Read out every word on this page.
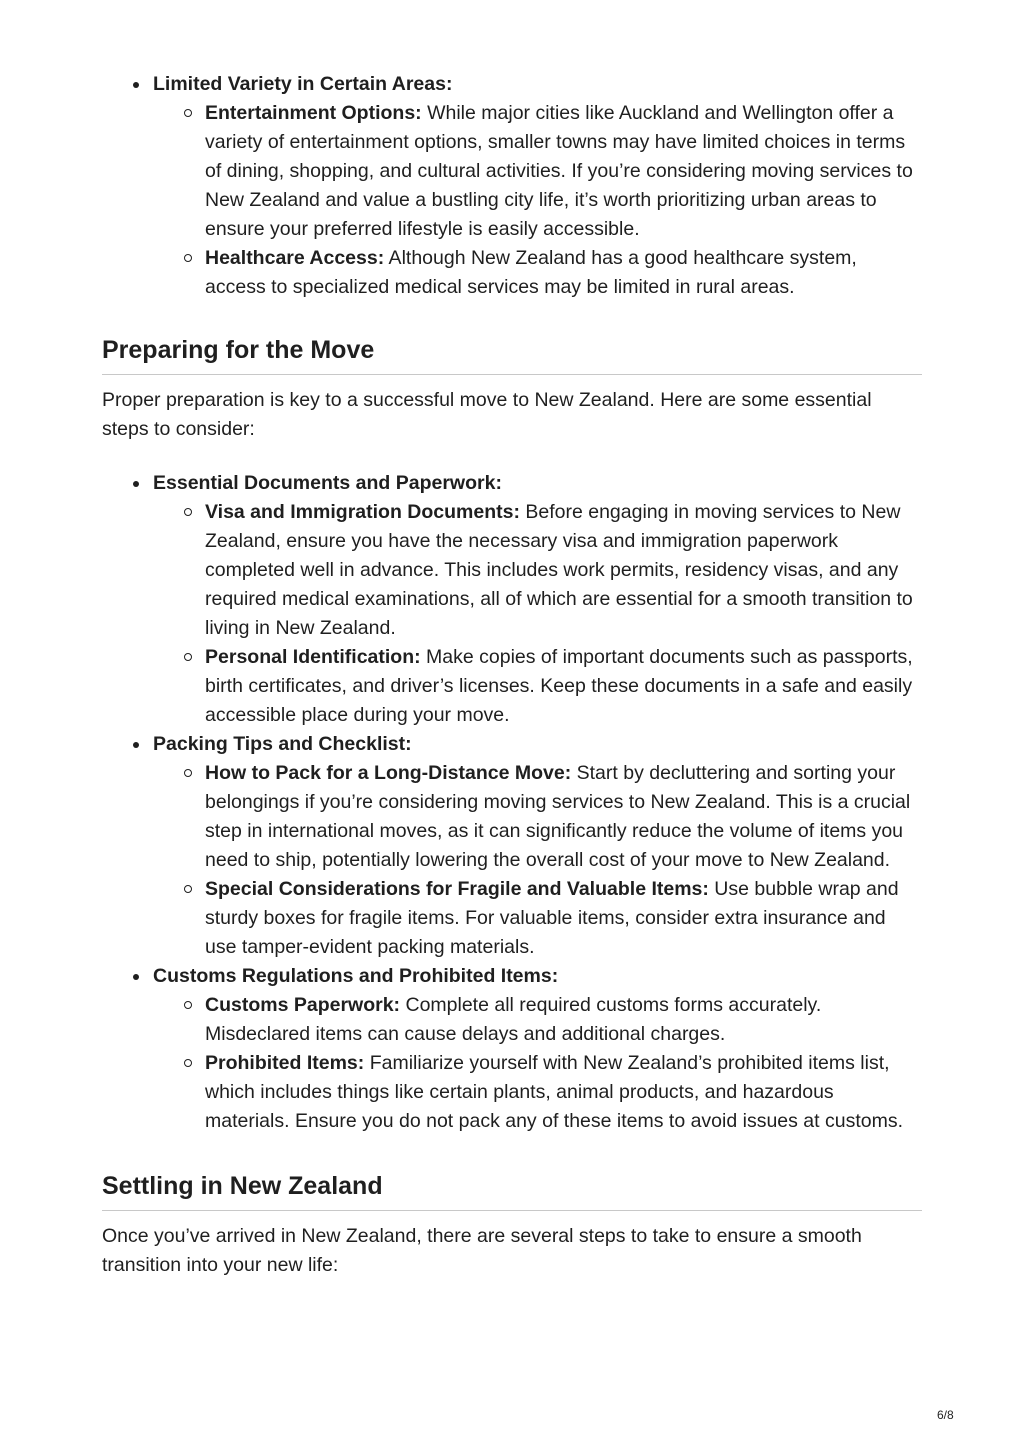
Limited Variety in Certain Areas:
Entertainment Options: While major cities like Auckland and Wellington offer a variety of entertainment options, smaller towns may have limited choices in terms of dining, shopping, and cultural activities. If you’re considering moving services to New Zealand and value a bustling city life, it’s worth prioritizing urban areas to ensure your preferred lifestyle is easily accessible.
Healthcare Access: Although New Zealand has a good healthcare system, access to specialized medical services may be limited in rural areas.
Preparing for the Move

Proper preparation is key to a successful move to New Zealand. Here are some essential steps to consider:

Essential Documents and Paperwork:
Visa and Immigration Documents: Before engaging in moving services to New Zealand, ensure you have the necessary visa and immigration paperwork completed well in advance. This includes work permits, residency visas, and any required medical examinations, all of which are essential for a smooth transition to living in New Zealand.
Personal Identification: Make copies of important documents such as passports, birth certificates, and driver’s licenses. Keep these documents in a safe and easily accessible place during your move.
Packing Tips and Checklist:
How to Pack for a Long-Distance Move: Start by decluttering and sorting your belongings if you’re considering moving services to New Zealand. This is a crucial step in international moves, as it can significantly reduce the volume of items you need to ship, potentially lowering the overall cost of your move to New Zealand.
Special Considerations for Fragile and Valuable Items: Use bubble wrap and sturdy boxes for fragile items. For valuable items, consider extra insurance and use tamper-evident packing materials.
Customs Regulations and Prohibited Items:
Customs Paperwork: Complete all required customs forms accurately. Misdeclared items can cause delays and additional charges.
Prohibited Items: Familiarize yourself with New Zealand’s prohibited items list, which includes things like certain plants, animal products, and hazardous materials. Ensure you do not pack any of these items to avoid issues at customs.
Settling in New Zealand

Once you’ve arrived in New Zealand, there are several steps to take to ensure a smooth transition into your new life:

6/8
